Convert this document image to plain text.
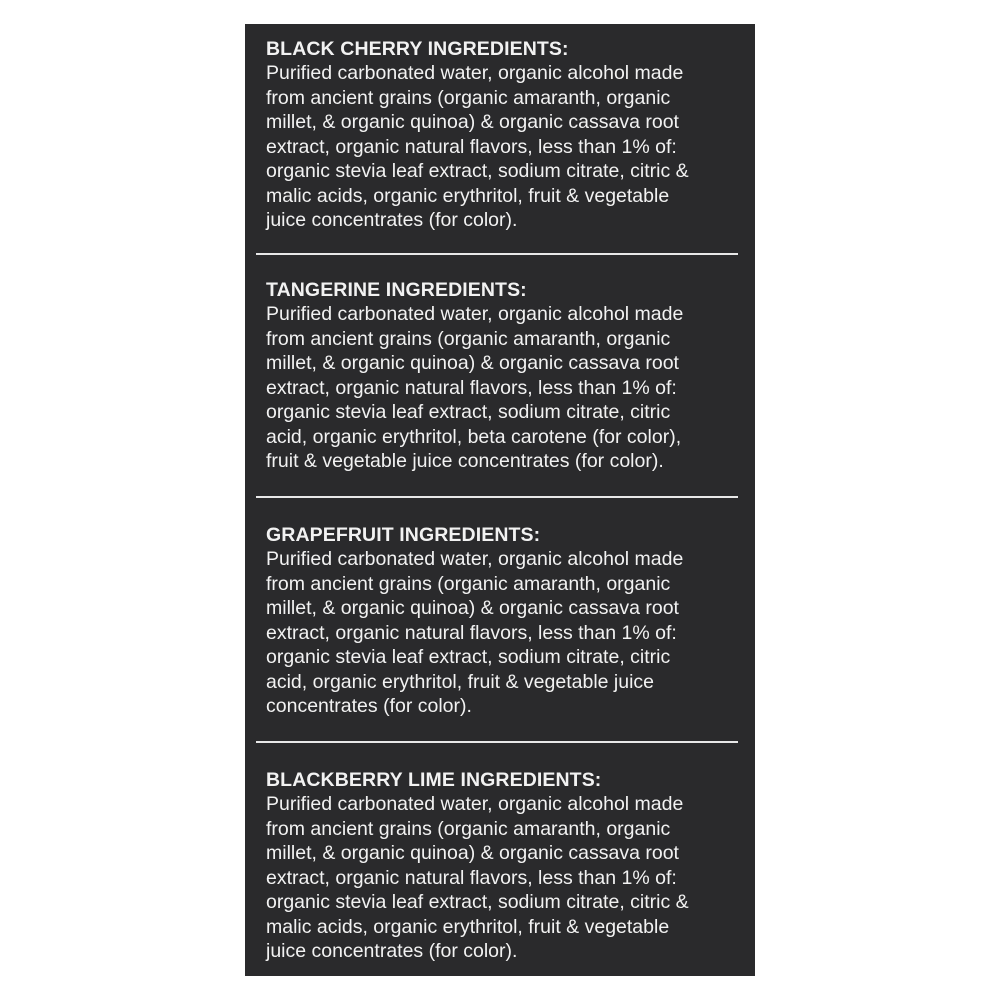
BLACK CHERRY INGREDIENTS:

Purified carbonated water, organic alcohol made
from ancient grains (organic amaranth, organic
millet, & organic quinoa) & organic cassava root
extract, organic natural flavors, less than 1% of:
organic stevia leaf extract, sodium citrate, citric &
malic acids, organic erythritol, fruit & vegetable
juice concentrates (for color).

TANGERINE INGREDIENTS:

Purified carbonated water, organic alcohol made
from ancient grains (organic amaranth, organic
millet, & organic quinoa) & organic cassava root
extract, organic natural flavors, less than 1% of:
organic stevia leaf extract, sodium citrate, citric
acid, organic erythritol, beta carotene (for color),
fruit & vegetable juice concentrates (for color).

GRAPEFRUIT INGREDIENTS:

Purified carbonated water, organic alcohol made
from ancient grains (organic amaranth, organic
millet, & organic quinoa) & organic cassava root
extract, organic natural flavors, less than 1% of:
organic stevia leaf extract, sodium citrate, citric
acid, organic erythritol, fruit & vegetable juice
concentrates (for color).

BLACKBERRY LIME INGREDIENTS:

Purified carbonated water, organic alcohol made
from ancient grains (organic amaranth, organic
millet, & organic quinoa) & organic cassava root
extract, organic natural flavors, less than 1% of:
organic stevia leaf extract, sodium citrate, citric &
malic acids, organic erythritol, fruit & vegetable
juice concentrates (for color).
